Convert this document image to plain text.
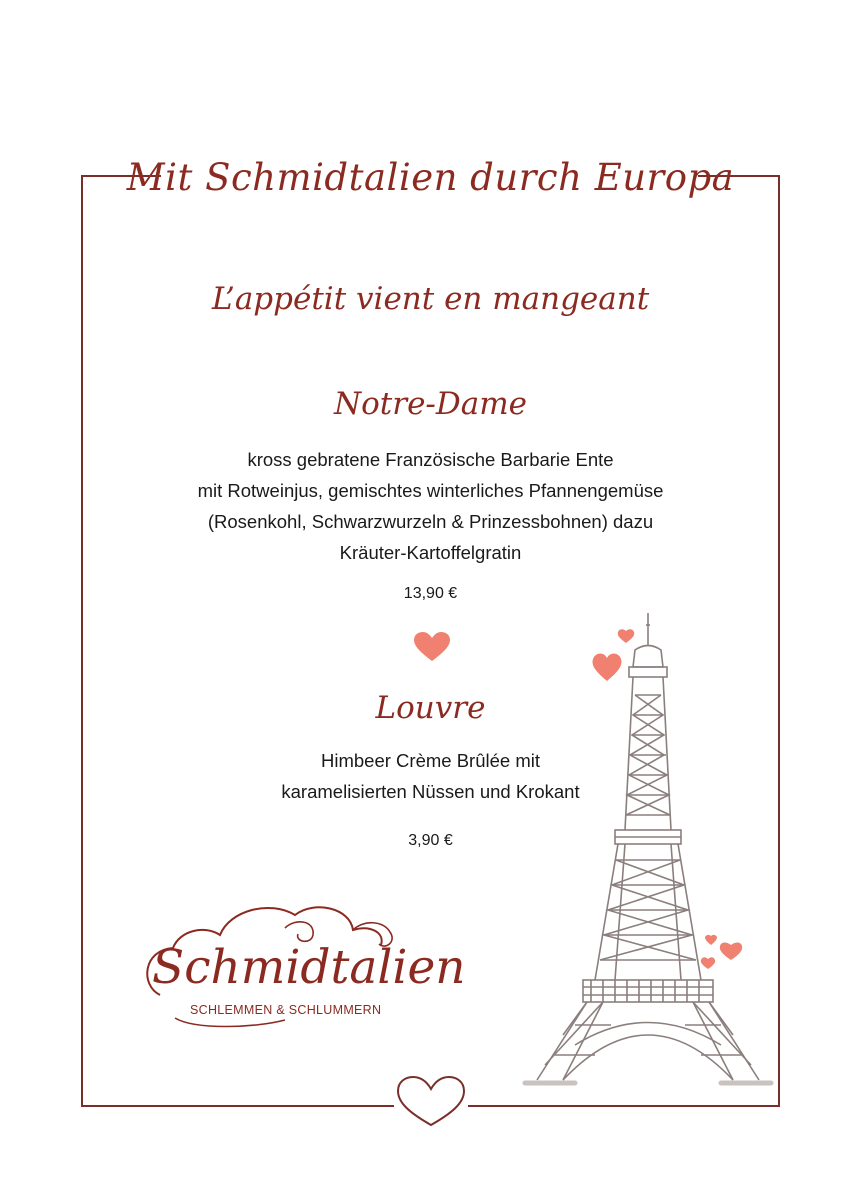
Mit Schmidtalien durch Europa
L’appétit vient en mangeant
Notre-Dame
kross gebratene Französische Barbarie Ente
mit Rotweinjus, gemischtes winterliches Pfannengemüse
(Rosenkohl, Schwarzwurzeln & Prinzessbohnen) dazu
Kräuter-Kartoffelgratin
13,90 €
Louvre
Himbeer Crème Brûlée mit
karamelisierten Nüssen und Krokant
3,90 €
Schmidtalien
SCHLEMMEN & SCHLUMMERN
